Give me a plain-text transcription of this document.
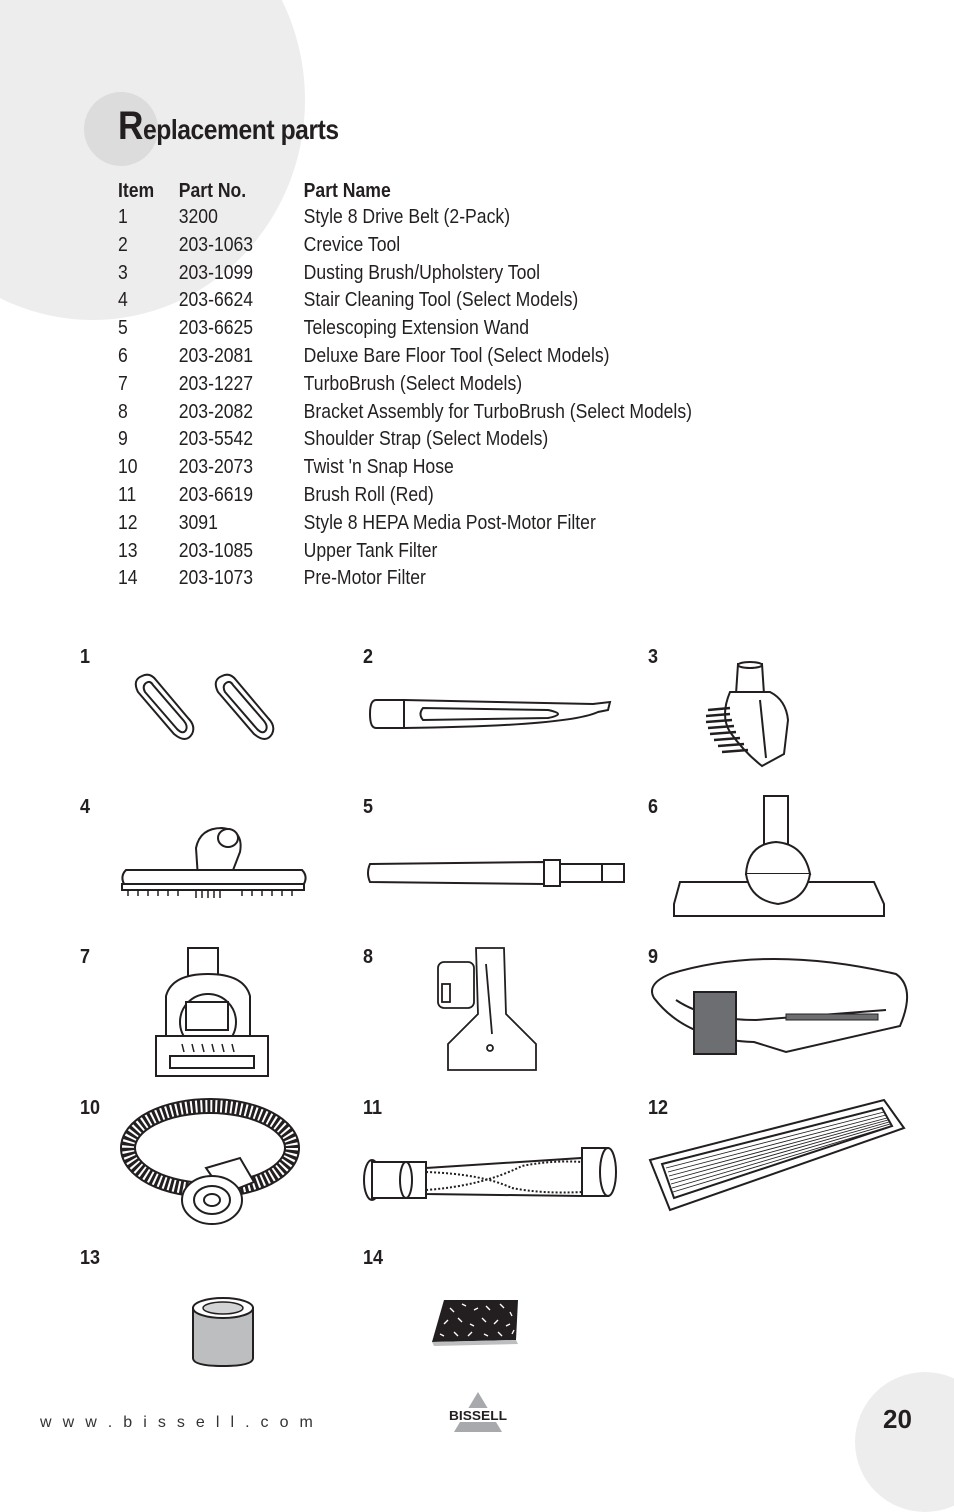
Replacement parts
Item	Part No.	Part Name
1	3200	Style 8 Drive Belt (2-Pack)
2	203-1063	Crevice Tool
3	203-1099	Dusting Brush/Upholstery Tool
4	203-6624	Stair Cleaning Tool (Select Models)
5	203-6625	Telescoping Extension Wand
6	203-2081	Deluxe Bare Floor Tool (Select Models)
7	203-1227	TurboBrush (Select Models)
8	203-2082	Bracket Assembly for TurboBrush (Select Models)
9	203-5542	Shoulder Strap (Select Models)
10	203-2073	Twist 'n Snap Hose
11	203-6619	Brush Roll (Red)
12	3091	Style 8 HEPA Media Post-Motor Filter
13	203-1085	Upper Tank Filter
14	203-1073	Pre-Motor Filter
1	2	3
4	5	6
7	8	9
10	11	12
13	14
w w w . b i s s e l l . c o m	BISSELL	20
